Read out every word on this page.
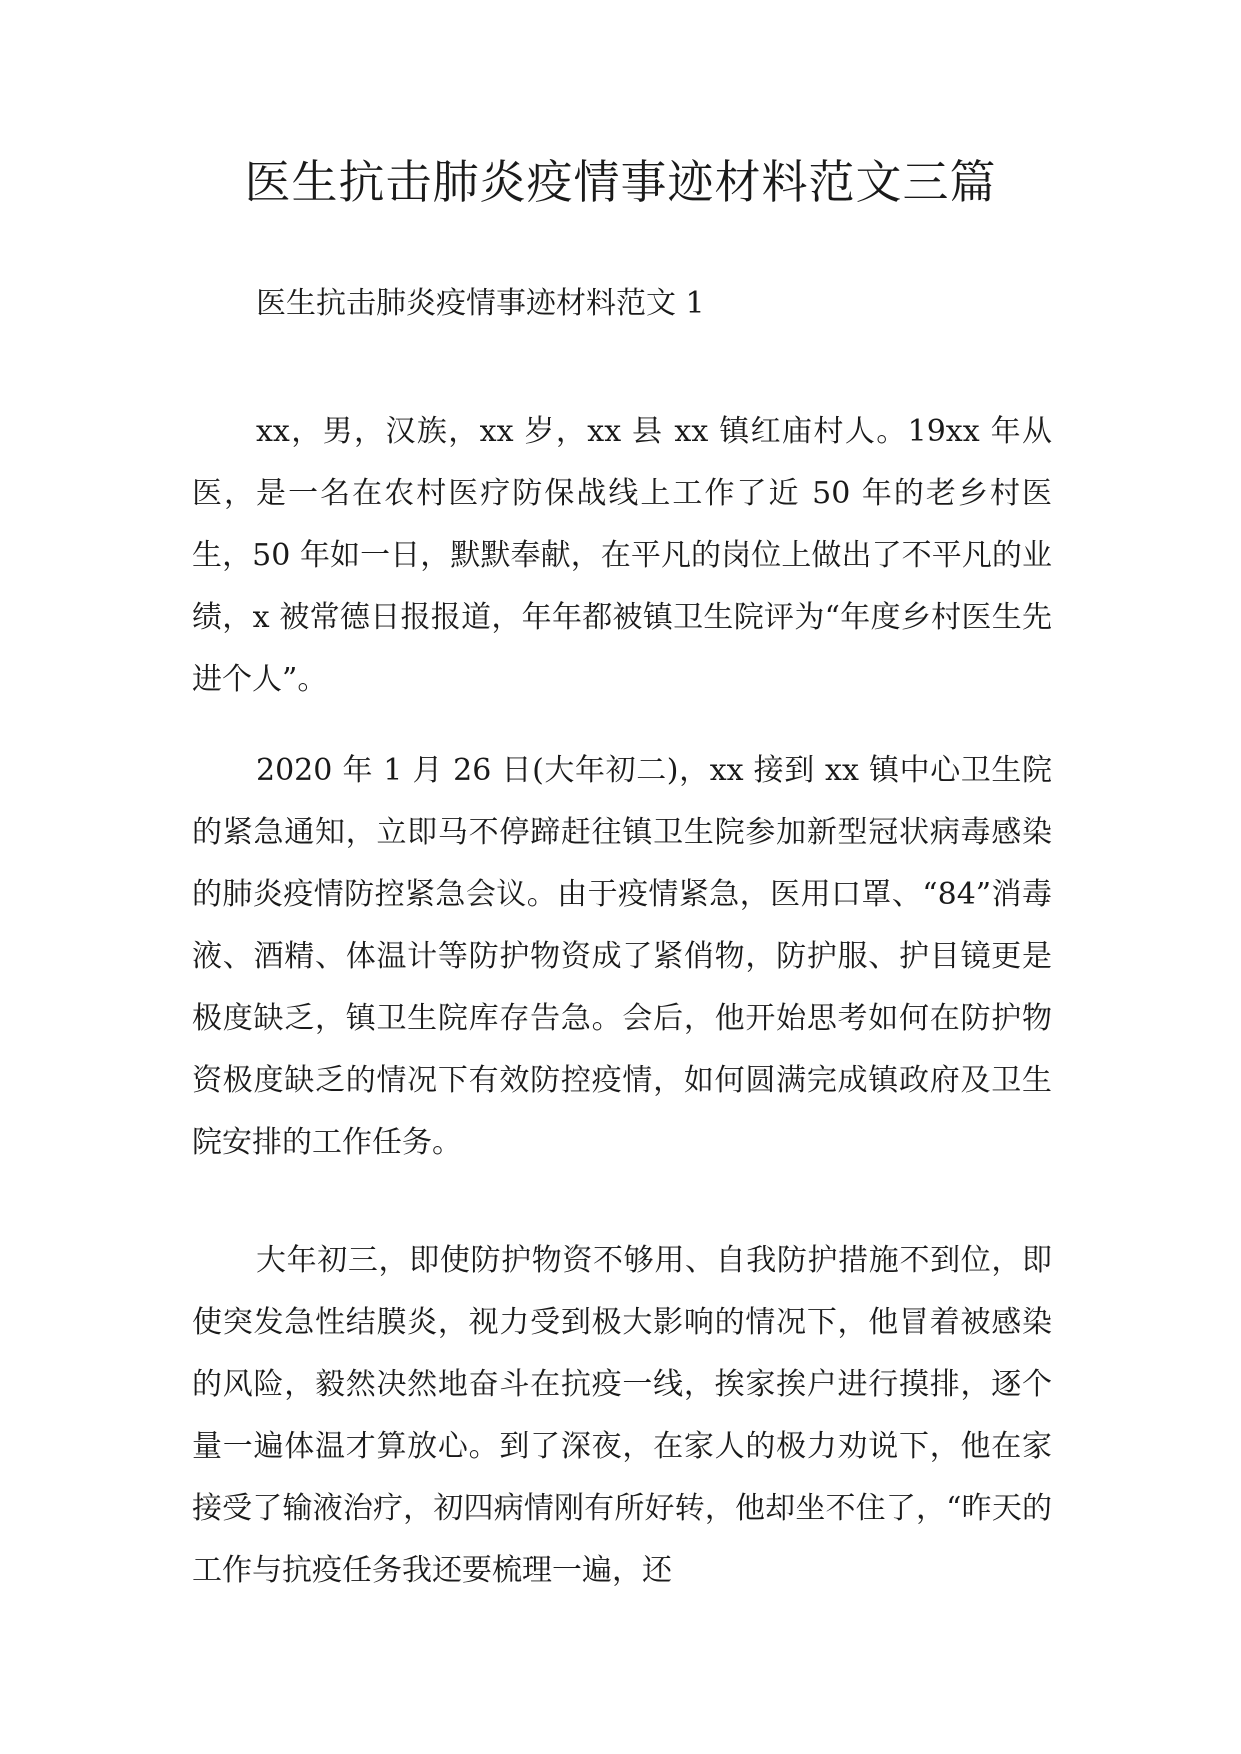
医生抗击肺炎疫情事迹材料范文三篇

医生抗击肺炎疫情事迹材料范文 1

xx，男，汉族，xx 岁，xx 县 xx 镇红庙村人。19xx 年从医，是一名在农村医疗防保战线上工作了近 50 年的老乡村医生，50 年如一日，默默奉献，在平凡的岗位上做出了不平凡的业绩，x 被常德日报报道，年年都被镇卫生院评为“年度乡村医生先进个人”。

2020 年 1 月 26 日(大年初二)，xx 接到 xx 镇中心卫生院的紧急通知，立即马不停蹄赶往镇卫生院参加新型冠状病毒感染的肺炎疫情防控紧急会议。由于疫情紧急，医用口罩、“84”消毒液、酒精、体温计等防护物资成了紧俏物，防护服、护目镜更是极度缺乏，镇卫生院库存告急。会后，他开始思考如何在防护物资极度缺乏的情况下有效防控疫情，如何圆满完成镇政府及卫生院安排的工作任务。

大年初三，即使防护物资不够用、自我防护措施不到位，即使突发急性结膜炎，视力受到极大影响的情况下，他冒着被感染的风险，毅然决然地奋斗在抗疫一线，挨家挨户进行摸排，逐个量一遍体温才算放心。到了深夜，在家人的极力劝说下，他在家接受了输液治疗，初四病情刚有所好转，他却坐不住了，“昨天的工作与抗疫任务我还要梳理一遍，还
